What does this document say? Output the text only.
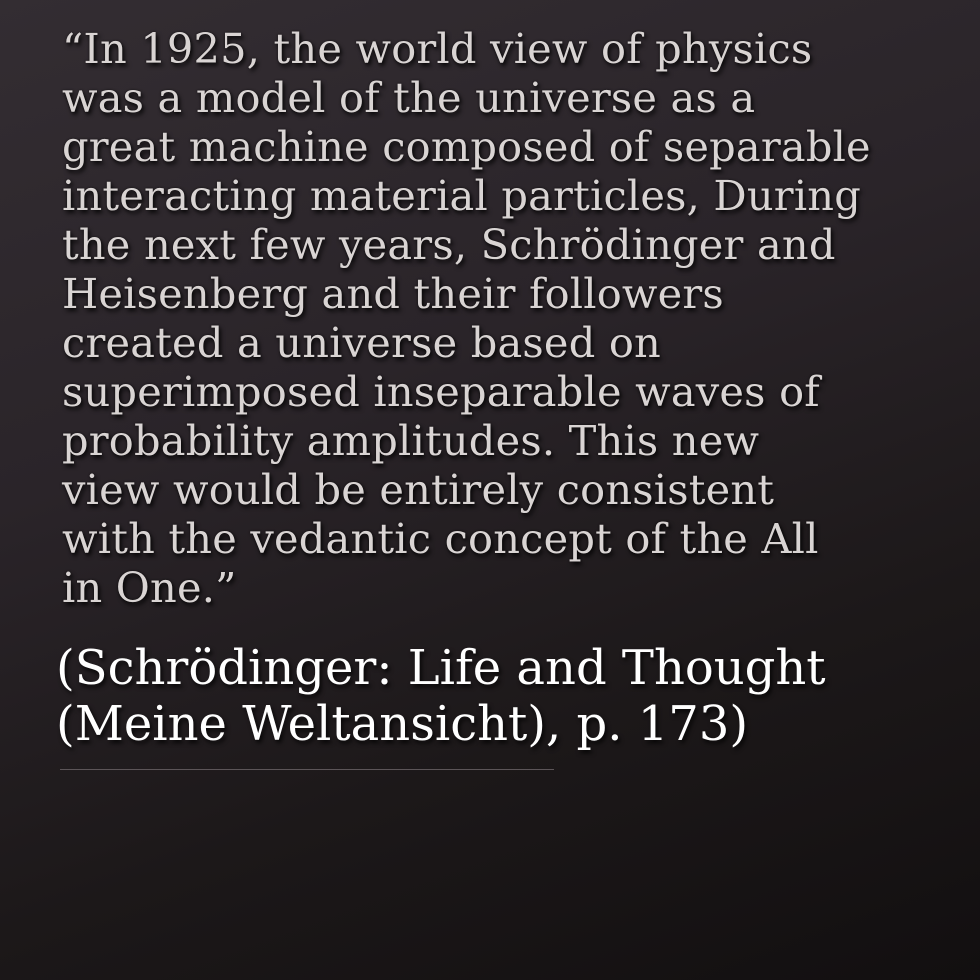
“In 1925, the world view of physics
was a model of the universe as a
great machine composed of separable
interacting material particles, During
the next few years, Schrödinger and
Heisenberg and their followers
created a universe based on
superimposed inseparable waves of
probability amplitudes. This new
view would be entirely consistent
with the vedantic concept of the All
in One.”

(Schrödinger: Life and Thought
(Meine Weltansicht), p. 173)
